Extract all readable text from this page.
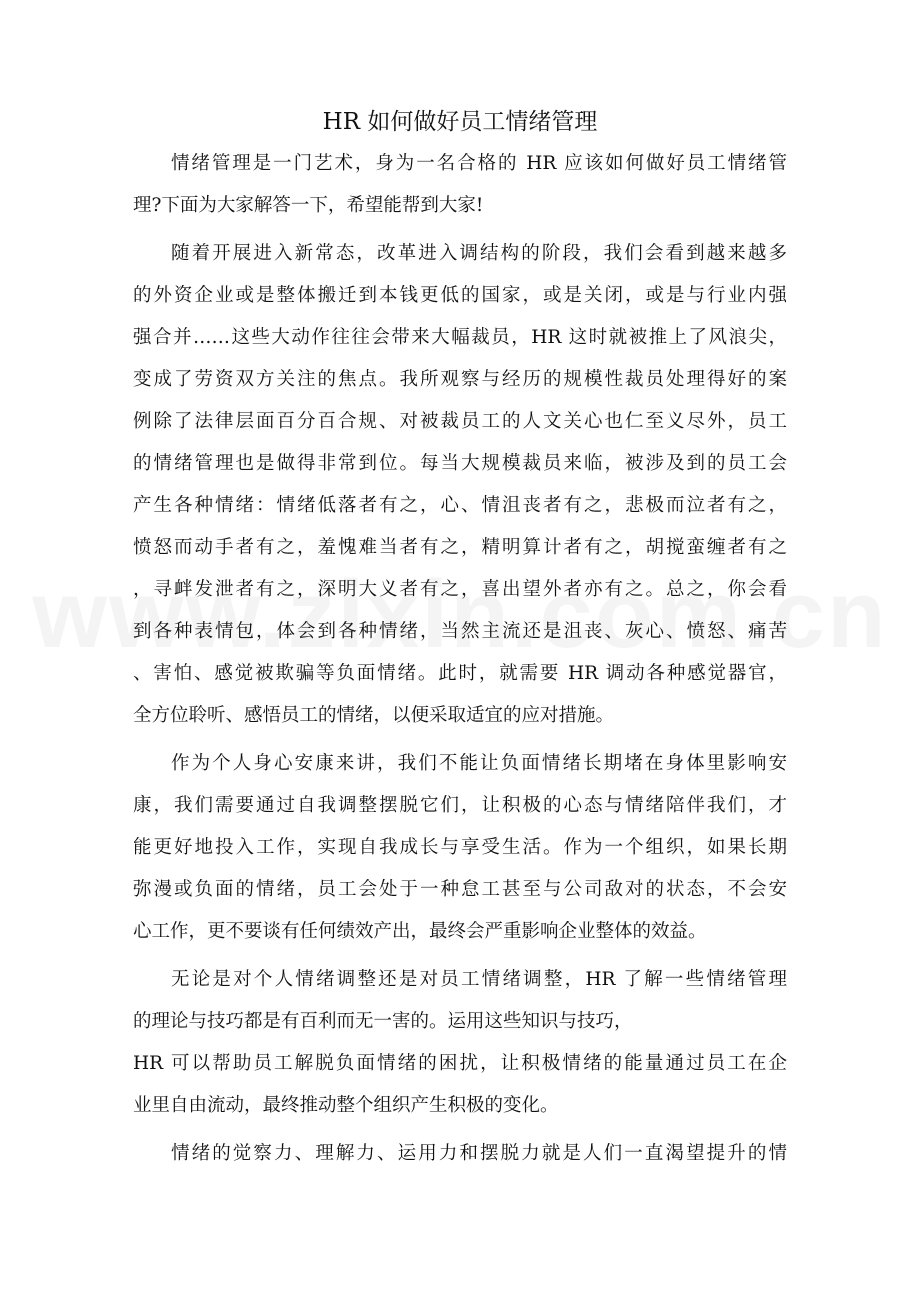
HR 如何做好员工情绪管理
情绪管理是一门艺术，身为一名合格的 HR 应该如何做好员工情绪管
理?下面为大家解答一下，希望能帮到大家!
随着开展进入新常态，改革进入调结构的阶段，我们会看到越来越多
的外资企业或是整体搬迁到本钱更低的国家，或是关闭，或是与行业内强
强合并……这些大动作往往会带来大幅裁员，HR 这时就被推上了风浪尖，
变成了劳资双方关注的焦点。我所观察与经历的规模性裁员处理得好的案
例除了法律层面百分百合规、对被裁员工的人文关心也仁至义尽外，员工
的情绪管理也是做得非常到位。每当大规模裁员来临，被涉及到的员工会
产生各种情绪：情绪低落者有之，心、情沮丧者有之，悲极而泣者有之，
愤怒而动手者有之，羞愧难当者有之，精明算计者有之，胡搅蛮缠者有之
，寻衅发泄者有之，深明大义者有之，喜出望外者亦有之。总之，你会看
到各种表情包，体会到各种情绪，当然主流还是沮丧、灰心、愤怒、痛苦
、害怕、感觉被欺骗等负面情绪。此时，就需要 HR 调动各种感觉器官，
全方位聆听、感悟员工的情绪，以便采取适宜的应对措施。
作为个人身心安康来讲，我们不能让负面情绪长期堵在身体里影响安
康，我们需要通过自我调整摆脱它们，让积极的心态与情绪陪伴我们，才
能更好地投入工作，实现自我成长与享受生活。作为一个组织，如果长期
弥漫或负面的情绪，员工会处于一种怠工甚至与公司敌对的状态，不会安
心工作，更不要谈有任何绩效产出，最终会严重影响企业整体的效益。
无论是对个人情绪调整还是对员工情绪调整，HR 了解一些情绪管理
的理论与技巧都是有百利而无一害的。运用这些知识与技巧，
HR 可以帮助员工解脱负面情绪的困扰，让积极情绪的能量通过员工在企
业里自由流动，最终推动整个组织产生积极的变化。
情绪的觉察力、理解力、运用力和摆脱力就是人们一直渴望提升的情
